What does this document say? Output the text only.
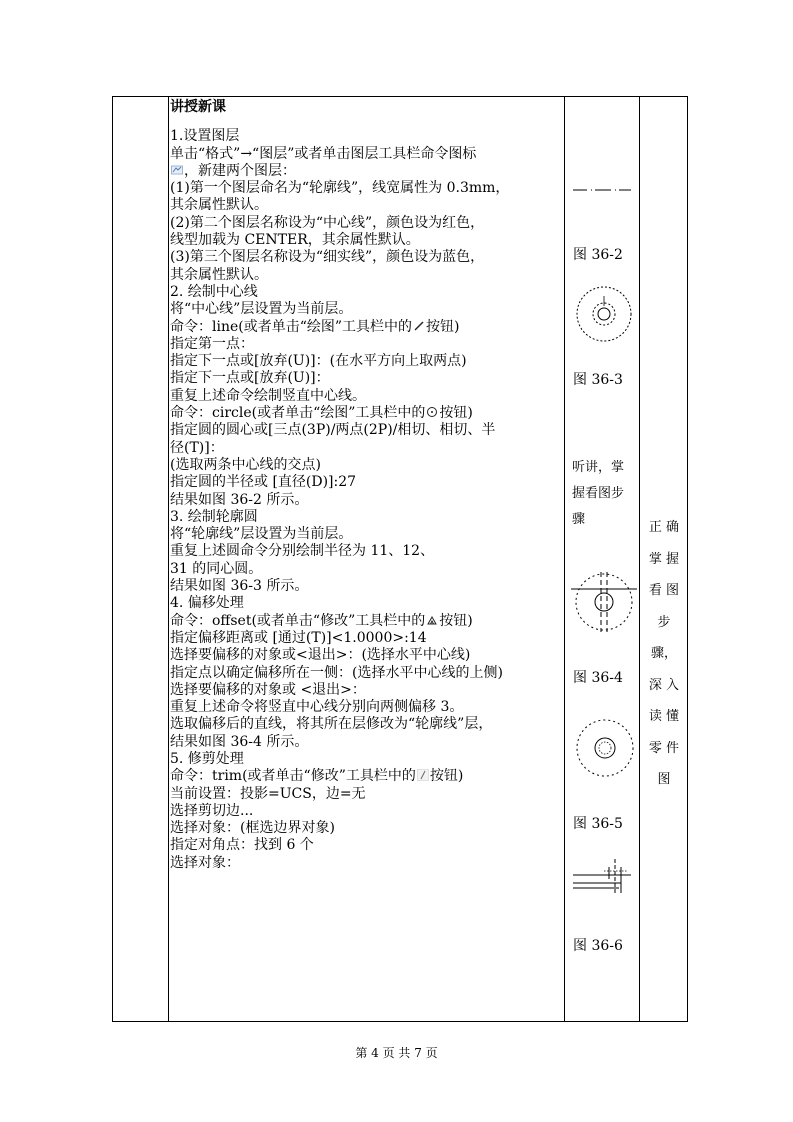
讲授新课
1.设置图层
单击“格式”→“图层”或者单击图层工具栏命令图标
，新建两个图层：
(1)第一个图层命名为“轮廓线”，线宽属性为 0.3mm，
其余属性默认。
(2)第二个图层名称设为“中心线”，颜色设为红色，
线型加载为 CENTER，其余属性默认。
(3)第三个图层名称设为“细实线”，颜色设为蓝色，
其余属性默认。
2. 绘制中心线
将“中心线”层设置为当前层。
命令：line(或者单击“绘图”工具栏中的 按钮)
指定第一点：
指定下一点或[放弃(U)]：(在水平方向上取两点)
指定下一点或[放弃(U)]：
重复上述命令绘制竖直中心线。
命令：circle(或者单击“绘图”工具栏中的 按钮)
指定圆的圆心或[三点(3P)/两点(2P)/相切、相切、半
径(T)]：
(选取两条中心线的交点)
指定圆的半径或 [直径(D)]:27
结果如图 36-2 所示。
3. 绘制轮廓圆
将“轮廓线”层设置为当前层。
重复上述圆命令分别绘制半径为 11、12、
31 的同心圆。
结果如图 36-3 所示。
4. 偏移处理
命令：offset(或者单击“修改”工具栏中的 按钮)
指定偏移距离或 [通过(T)]<1.0000>:14
选择要偏移的对象或<退出>：(选择水平中心线)
指定点以确定偏移所在一侧：(选择水平中心线的上侧)
选择要偏移的对象或 <退出>：
重复上述命令将竖直中心线分别向两侧偏移 3。
选取偏移后的直线，将其所在层修改为“轮廓线”层，
结果如图 36-4 所示。
5. 修剪处理
命令：trim(或者单击“修改”工具栏中的 按钮)
当前设置：投影=UCS，边=无
选择剪切边...
选择对象：(框选边界对象)
指定对角点：找到 6 个
选择对象：
图 36-2
图 36-3
听讲，掌
握看图步
骤
图 36-4
图 36-5
图 36-6
正 确
掌 握
看 图
步
骤，
深 入
读 懂
零 件
图
第 4 页 共 7 页
